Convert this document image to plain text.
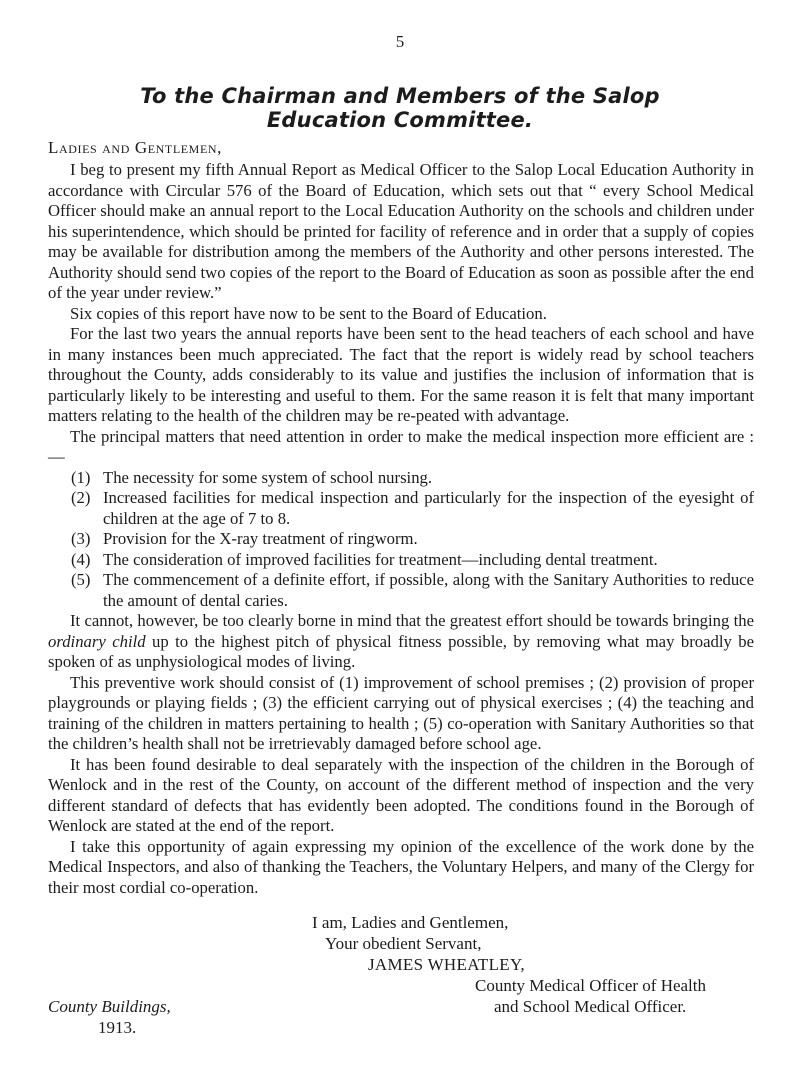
5
To the Chairman and Members of the Salop
Education Committee.
Ladies and Gentlemen,

I beg to present my fifth Annual Report as Medical Officer to the Salop Local Education Authority in accordance with Circular 576 of the Board of Education, which sets out that “ every School Medical Officer should make an annual report to the Local Education Authority on the schools and children under his superintendence, which should be printed for facility of reference and in order that a supply of copies may be available for distribution among the members of the Authority and other persons interested. The Authority should send two copies of the report to the Board of Education as soon as possible after the end of the year under review.”

Six copies of this report have now to be sent to the Board of Education.

For the last two years the annual reports have been sent to the head teachers of each school and have in many instances been much appreciated. The fact that the report is widely read by school teachers throughout the County, adds considerably to its value and justifies the inclusion of information that is particularly likely to be interesting and useful to them. For the same reason it is felt that many important matters relating to the health of the children may be re-peated with advantage.

The principal matters that need attention in order to make the medical inspection more efficient are :—

(1) The necessity for some system of school nursing.
(2) Increased facilities for medical inspection and particularly for the inspection of the eyesight of children at the age of 7 to 8.
(3) Provision for the X-ray treatment of ringworm.
(4) The consideration of improved facilities for treatment—including dental treatment.
(5) The commencement of a definite effort, if possible, along with the Sanitary Authorities to reduce the amount of dental caries.

It cannot, however, be too clearly borne in mind that the greatest effort should be towards bringing the ordinary child up to the highest pitch of physical fitness possible, by removing what may broadly be spoken of as unphysiological modes of living.

This preventive work should consist of (1) improvement of school premises ; (2) provision of proper playgrounds or playing fields ; (3) the efficient carrying out of physical exercises ; (4) the teaching and training of the children in matters pertaining to health ; (5) co-operation with Sanitary Authorities so that the children’s health shall not be irretrievably damaged before school age.

It has been found desirable to deal separately with the inspection of the children in the Borough of Wenlock and in the rest of the County, on account of the different method of inspection and the very different standard of defects that has evidently been adopted. The conditions found in the Borough of Wenlock are stated at the end of the report.

I take this opportunity of again expressing my opinion of the excellence of the work done by the Medical Inspectors, and also of thanking the Teachers, the Voluntary Helpers, and many of the Clergy for their most cordial co-operation.

I am, Ladies and Gentlemen,
Your obedient Servant,
JAMES WHEATLEY,
County Medical Officer of Health
and School Medical Officer.
County Buildings,
1913.
